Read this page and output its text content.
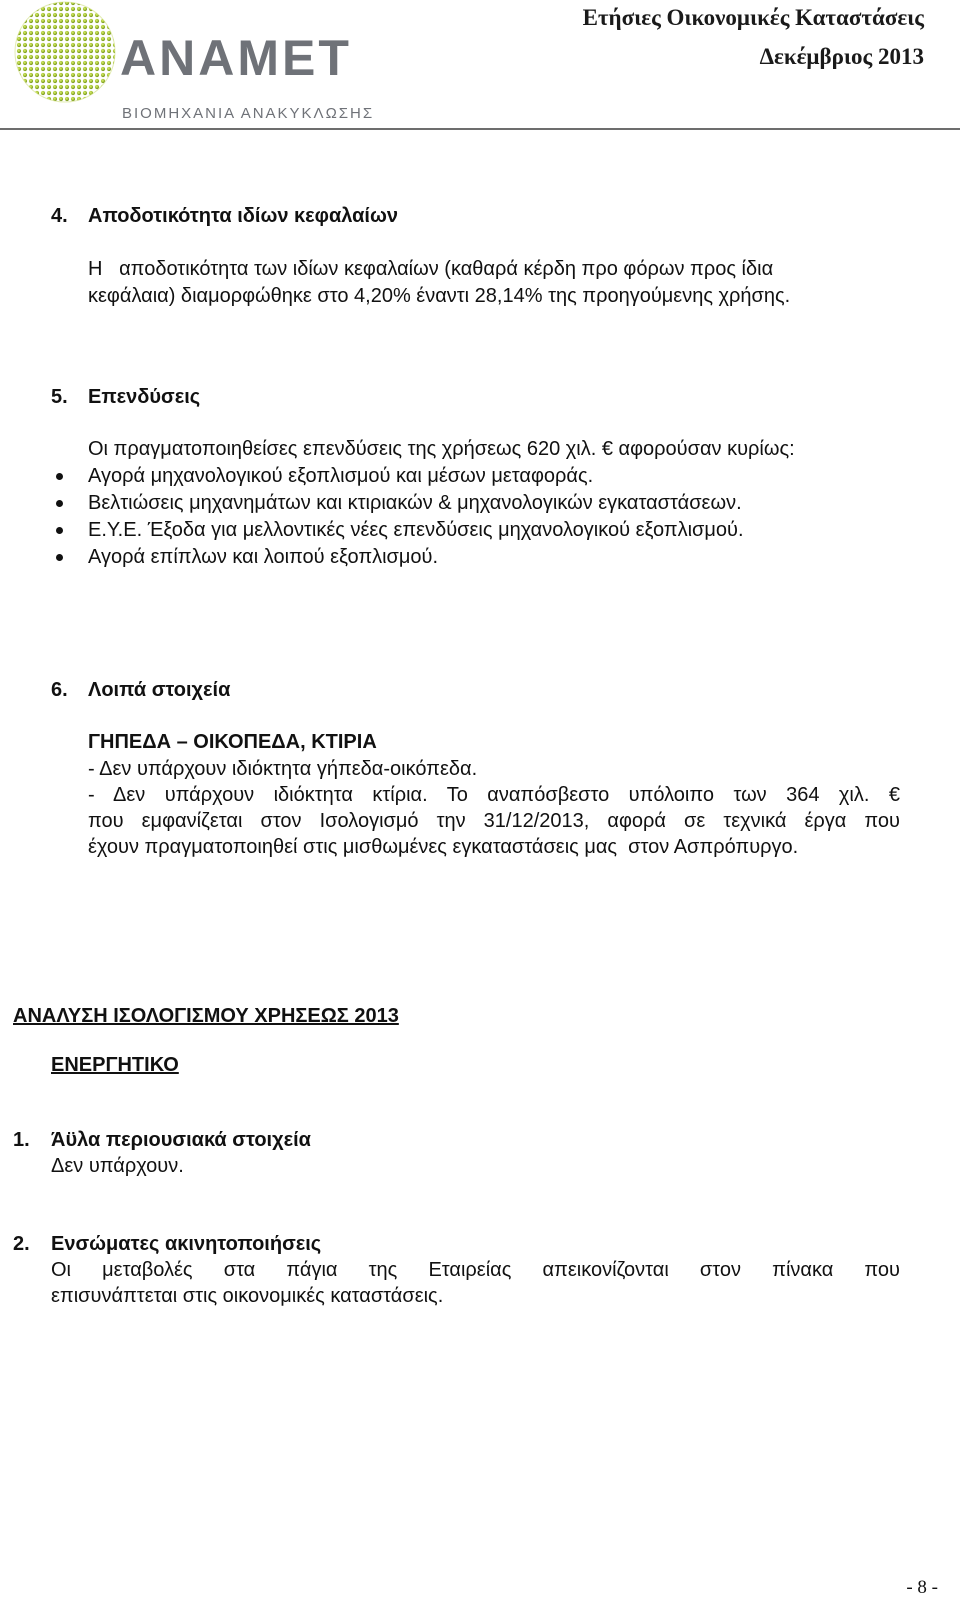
ANAMET
ΒΙΟΜΗΧΑΝΙΑ ΑΝΑΚΥΚΛΩΣΗΣ
Ετήσιες Οικονομικές Καταστάσεις
Δεκέμβριος 2013
4. Αποδοτικότητα ιδίων κεφαλαίων
Η   αποδοτικότητα των ιδίων κεφαλαίων (καθαρά κέρδη προ φόρων προς ίδια
κεφάλαια) διαμορφώθηκε στο 4,20% έναντι 28,14% της προηγούμενης χρήσης.
5. Επενδύσεις
Οι πραγματοποιηθείσες επενδύσεις της χρήσεως 620 χιλ. € αφορούσαν κυρίως:
Αγορά μηχανολογικού εξοπλισμού και μέσων μεταφοράς.
Βελτιώσεις μηχανημάτων και κτιριακών & μηχανολογικών εγκαταστάσεων.
Ε.Υ.Ε. Έξοδα για μελλοντικές νέες επενδύσεις μηχανολογικού εξοπλισμού.
Αγορά επίπλων και λοιπού εξοπλισμού.
6. Λοιπά στοιχεία
ΓΗΠΕΔΑ – ΟΙΚΟΠΕΔΑ, ΚΤΙΡΙΑ
- Δεν υπάρχουν ιδιόκτητα γήπεδα-οικόπεδα.
- Δεν υπάρχουν ιδιόκτητα κτίρια. Το αναπόσβεστο υπόλοιπο των 364 χιλ. €
που εμφανίζεται στον Ισολογισμό την 31/12/2013, αφορά σε τεχνικά έργα που
έχουν πραγματοποιηθεί στις μισθωμένες εγκαταστάσεις μας  στον Ασπρόπυργο.
ΑΝΑΛΥΣΗ ΙΣΟΛΟΓΙΣΜΟΥ ΧΡΗΣΕΩΣ 2013
ΕΝΕΡΓΗΤΙΚΟ
1. Άϋλα περιουσιακά στοιχεία
Δεν υπάρχουν.
2. Ενσώματες ακινητοποιήσεις
Οι μεταβολές στα πάγια της Εταιρείας απεικονίζονται στον πίνακα που
επισυνάπτεται στις οικονομικές καταστάσεις.
- 8 -
